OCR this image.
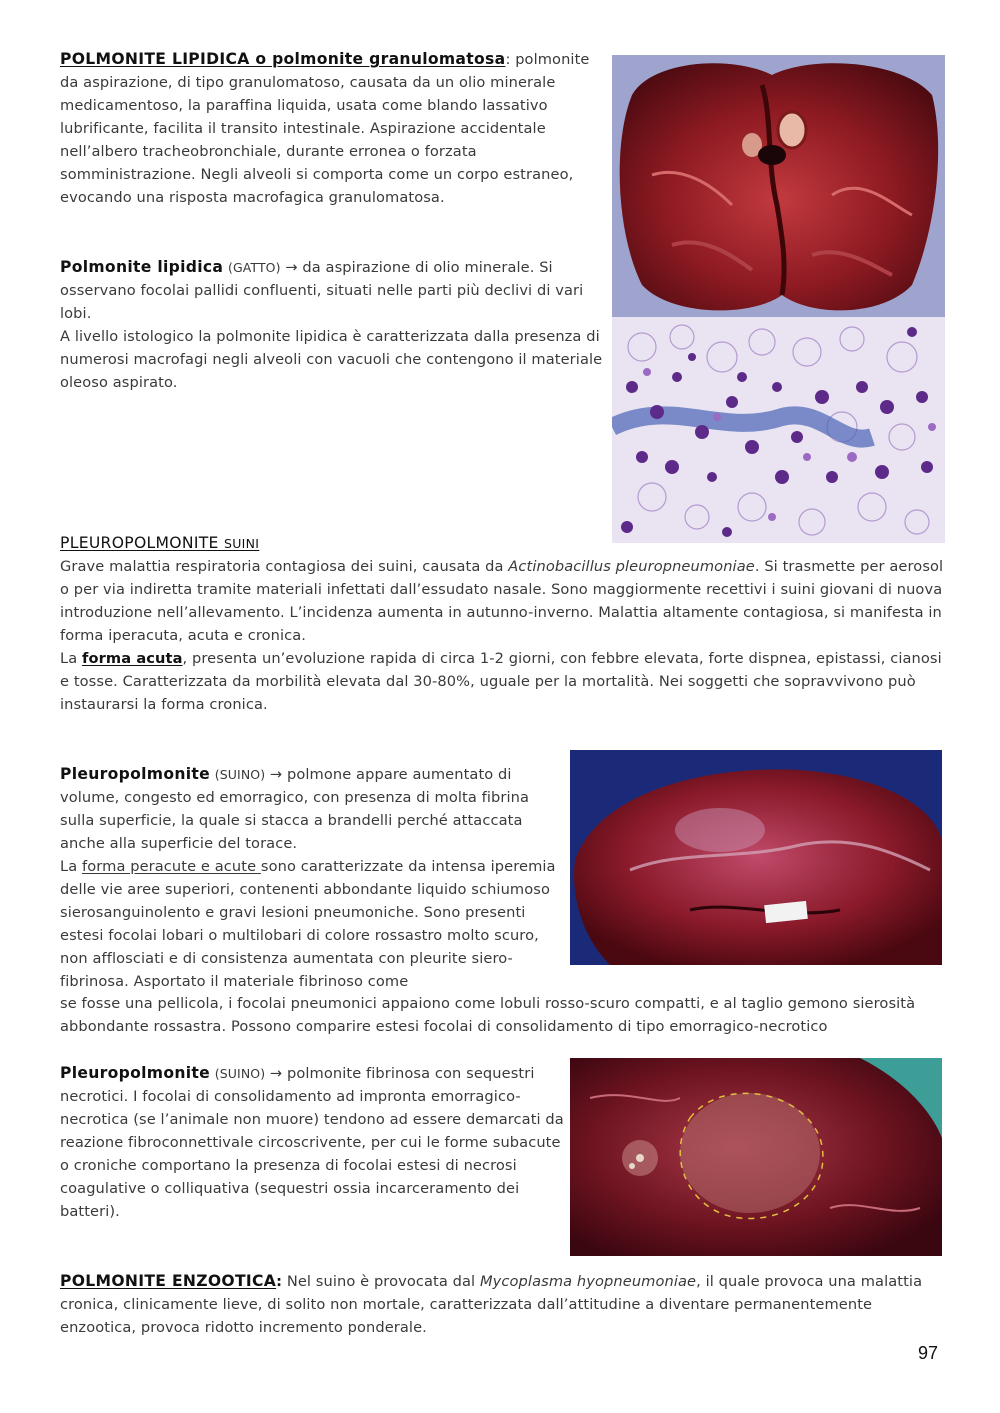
POLMONITE LIPIDICA o polmonite granulomatosa: polmonite da aspirazione, di tipo granulomatoso, causata da un olio minerale medicamentoso, la paraffina liquida, usata come blando lassativo lubrificante, facilita il transito intestinale. Aspirazione accidentale nell’albero tracheobronchiale, durante erronea o forzata somministrazione. Negli alveoli si comporta come un corpo estraneo, evocando una risposta macrofagica granulomatosa.

Polmonite lipidica (GATTO) → da aspirazione di olio minerale. Si osservano focolai pallidi confluenti, situati nelle parti più declivi di vari lobi.

A livello istologico la polmonite lipidica è caratterizzata dalla presenza di numerosi macrofagi negli alveoli con vacuoli che contengono il materiale oleoso aspirato.

PLEUROPOLMONITE SUINI

Grave malattia respiratoria contagiosa dei suini, causata da Actinobacillus pleuropneumoniae. Si trasmette per aerosol o per via indiretta tramite materiali infettati dall’essudato nasale. Sono maggiormente recettivi i suini giovani di nuova introduzione nell’allevamento. L’incidenza aumenta in autunno-inverno. Malattia altamente contagiosa, si manifesta in forma iperacuta, acuta e cronica.

La forma acuta, presenta un’evoluzione rapida di circa 1-2 giorni, con febbre elevata, forte dispnea, epistassi, cianosi e tosse. Caratterizzata da morbilità elevata dal 30-80%, uguale per la mortalità. Nei soggetti che sopravvivono può instaurarsi la forma cronica.

Pleuropolmonite (SUINO) → polmone appare aumentato di volume, congesto ed emorragico, con presenza di molta fibrina sulla superficie, la quale si stacca a brandelli perché attaccata anche alla superficie del torace.

La forma peracute e acute sono caratterizzate da intensa iperemia delle vie aree superiori, contenenti abbondante liquido schiumoso sierosanguinolento e gravi lesioni pneumoniche. Sono presenti estesi focolai lobari o multilobari di colore rossastro molto scuro, non afflosciati e di consistenza aumentata con pleurite siero-fibrinosa. Asportato il materiale fibrinoso come

se fosse una pellicola, i focolai pneumonici appaiono come lobuli rosso-scuro compatti, e al taglio gemono sierosità abbondante rossastra. Possono comparire estesi focolai di consolidamento di tipo emorragico-necrotico

Pleuropolmonite (SUINO) → polmonite fibrinosa con sequestri necrotici. I focolai di consolidamento ad impronta emorragico-necrotica (se l’animale non muore) tendono ad essere demarcati da reazione fibroconnettivale circoscrivente, per cui le forme subacute o croniche comportano la presenza di focolai estesi di necrosi coagulative o colliquativa (sequestri ossia incarceramento dei batteri).

POLMONITE ENZOOTICA: Nel suino è provocata dal Mycoplasma hyopneumoniae, il quale provoca una malattia cronica, clinicamente lieve, di solito non mortale, caratterizzata dall’attitudine a diventare permanentemente enzootica, provoca ridotto incremento ponderale.

97
